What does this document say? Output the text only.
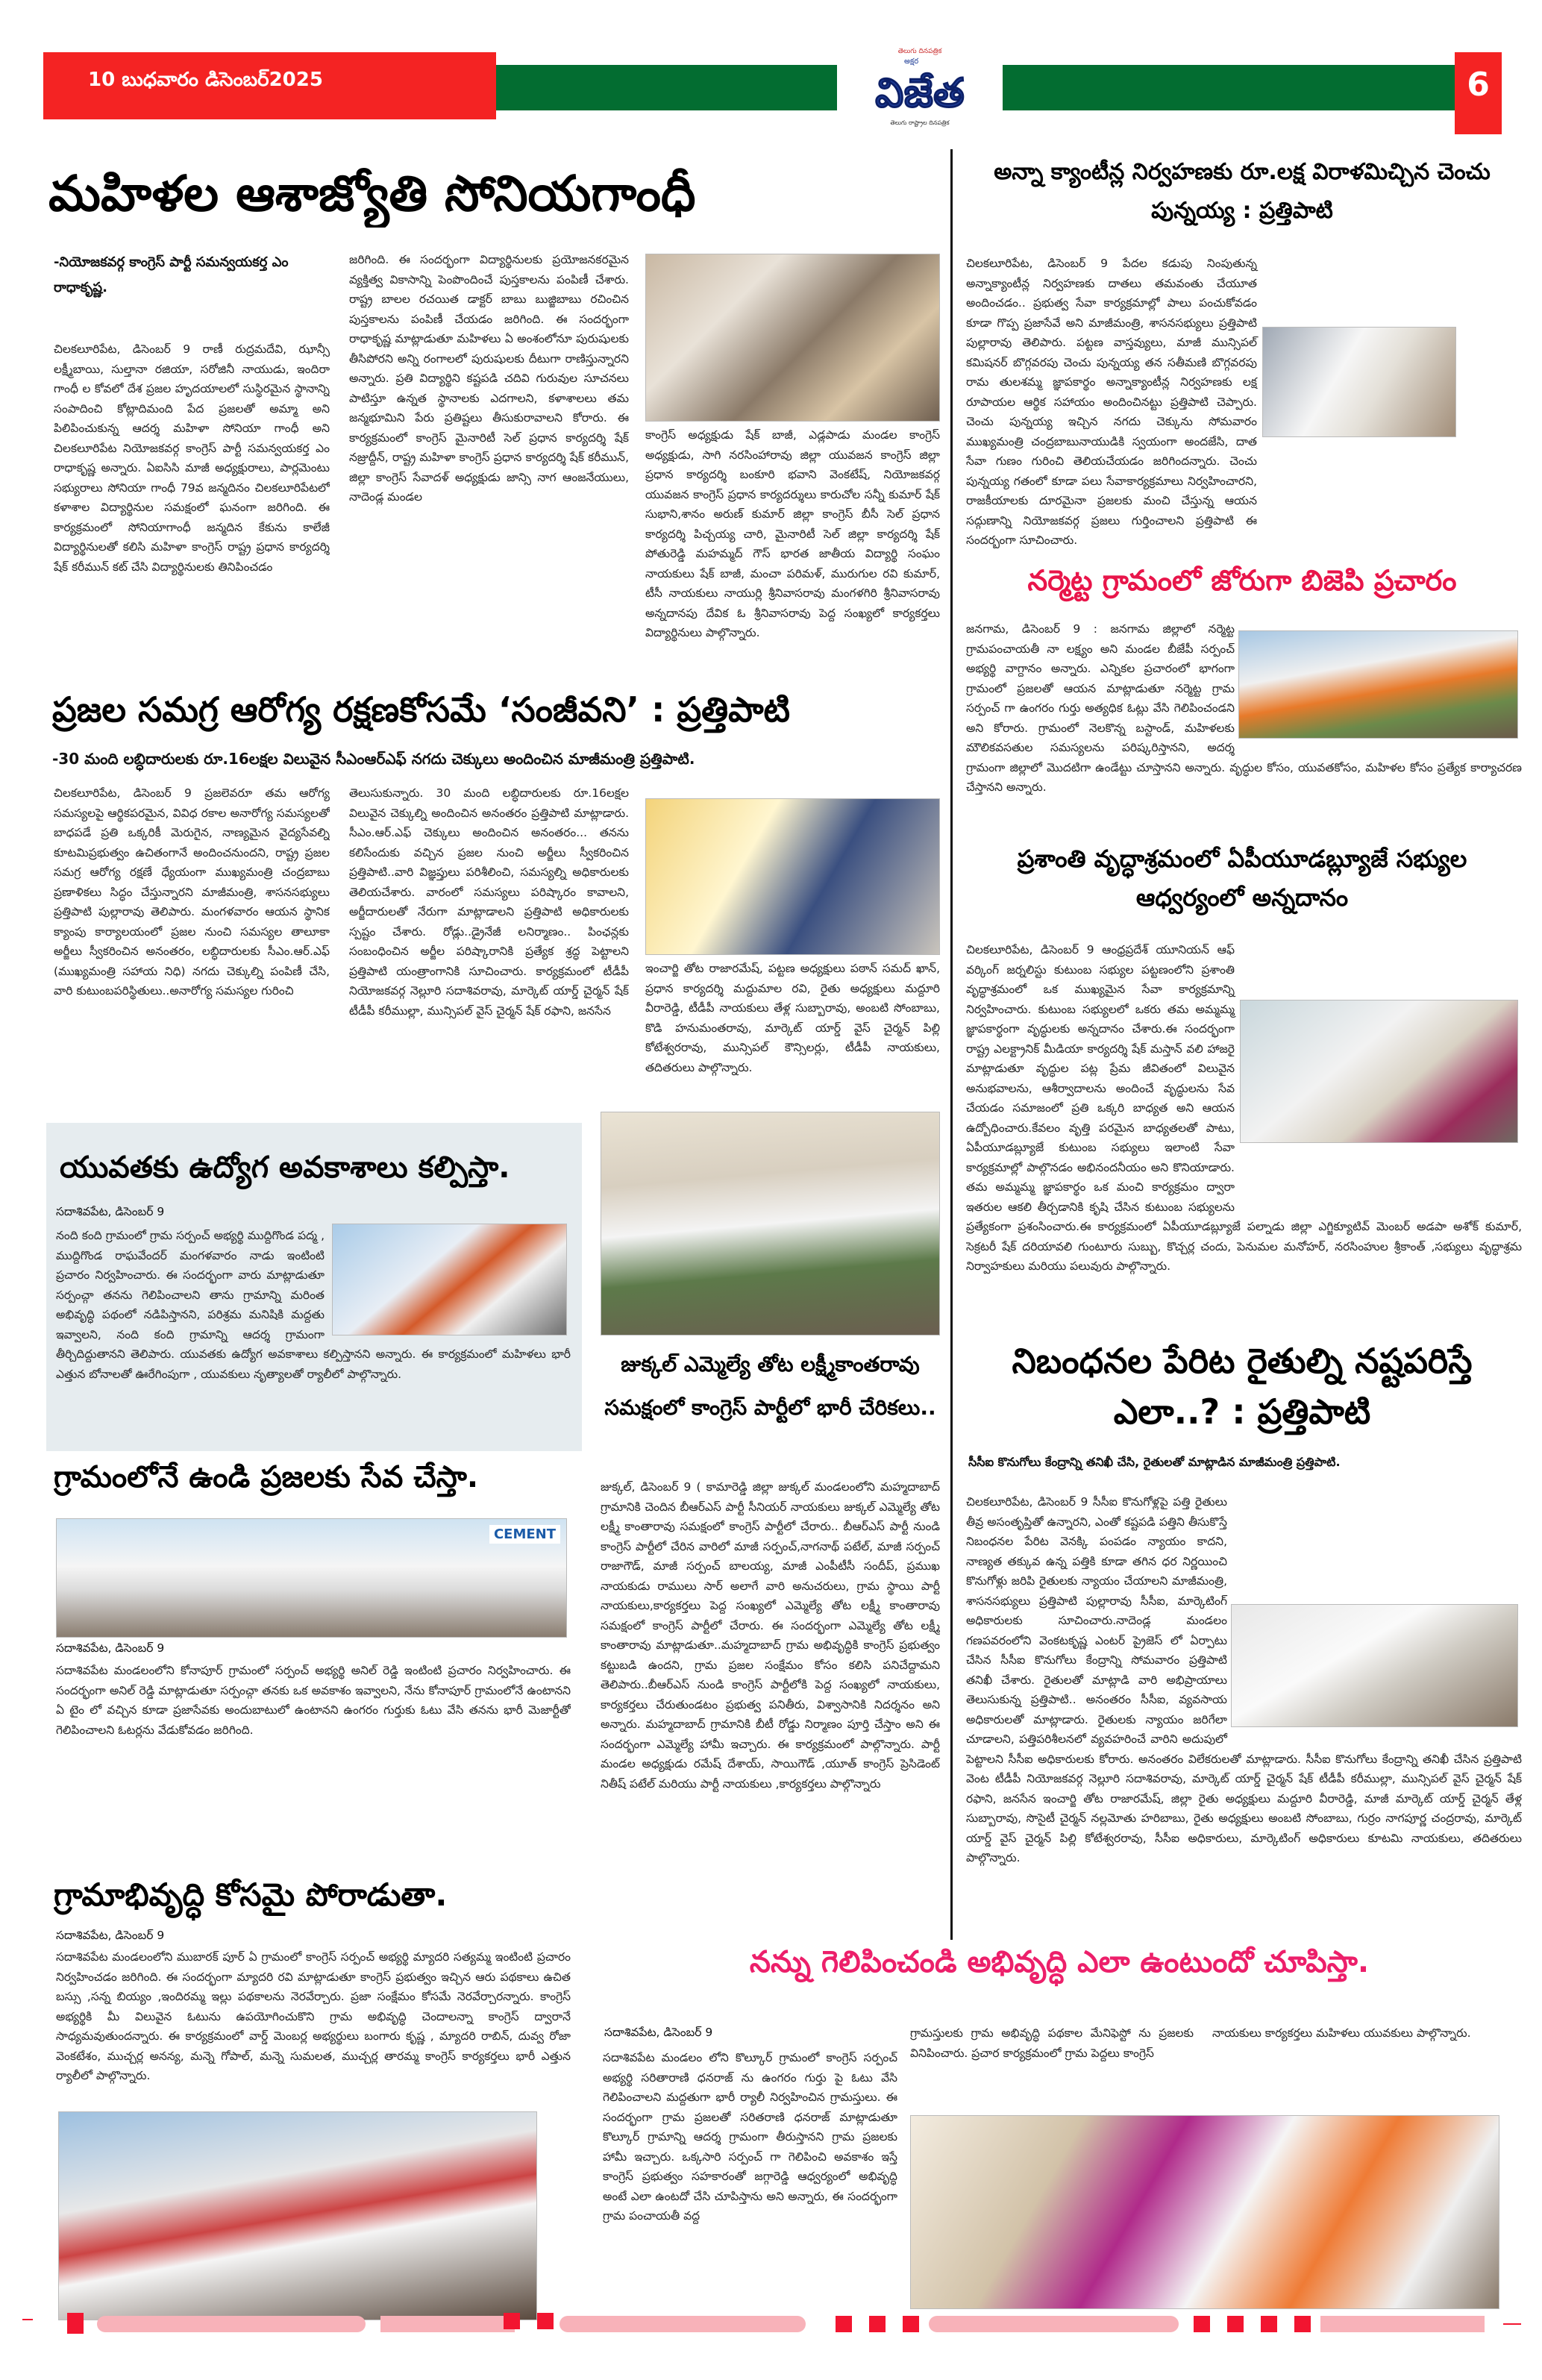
10 బుధవారం డిసెంబర్2025
తెలుగు దినపత్రిక
అక్షర
విజేత
తెలుగు రాష్ట్రాల దినపత్రిక
6
మహిళల ఆశాజ్యోతి సోనియగాంధీ
-నియోజకవర్గ కాంగ్రెస్ పార్టీ సమన్వయకర్త ఎం రాధాకృష్ణ.
చిలకలూరిపేట, డిసెంబర్ 9 రాణీ రుద్రమదేవి, ఝాన్సీ లక్ష్మీబాయి, సుల్తానా రజియా, సరోజినీ నాయుడు, ఇందిరా గాంధీ ల కోవలో దేశ ప్రజల హృదయాలలో సుస్థిరమైన స్థానాన్ని సంపాదించి కోట్లాదిమంది పేద ప్రజలతో అమ్మా అని పిలిపించుకున్న ఆదర్శ మహిళా సోనియా గాంధీ అని చిలకలూరిపేట నియోజకవర్గ కాంగ్రెస్ పార్టీ సమన్వయకర్త ఎం రాధాకృష్ణ అన్నారు. ఏఐసిసి మాజీ అధ్యక్షురాలు, పార్లమెంటు సభ్యురాలు సోనియా గాంధీ 79వ జన్మదినం చిలకలూరిపేటలో కళాశాల విద్యార్థినుల సమక్షంలో ఘనంగా జరిగింది. ఈ కార్యక్రమంలో సోనియాగాంధీ జన్మదిన కేకును కాలేజీ విద్యార్థినులతో కలిసి మహిళా కాంగ్రెస్ రాష్ట్ర ప్రధాన కార్యదర్శి షేక్ కరీమున్ కట్ చేసి విద్యార్థినులకు తినిపించడం
జరిగింది. ఈ సందర్భంగా విద్యార్థినులకు ప్రయోజనకరమైన వ్యక్తిత్వ వికాసాన్ని పెంపొందించే పుస్తకాలను పంపిణీ చేశారు. రాష్ట్ర బాలల రచయిత డాక్టర్ బాబు బుజ్జిబాబు రచించిన పుస్తకాలను పంపిణీ చేయడం జరిగింది. ఈ సందర్భంగా రాధాకృష్ణ మాట్లాడుతూ మహిళలు ఏ అంశంలోనూ పురుషులకు తీసిపోరని అన్ని రంగాలలో పురుషులకు దీటుగా రాణిస్తున్నారని అన్నారు. ప్రతి విద్యార్థిని కష్టపడి చదివి గురువుల సూచనలు పాటిస్తూ ఉన్నత స్థానాలకు ఎదగాలని, కళాశాలలు తమ జన్మభూమిని పేరు ప్రతిష్టలు తీసుకురావాలని కోరారు. ఈ కార్యక్రమంలో కాంగ్రెస్ మైనారిటీ సెల్ ప్రధాన కార్యదర్శి షేక్ నజ్రుద్దీన్, రాష్ట్ర మహిళా కాంగ్రెస్ ప్రధాన కార్యదర్శి షేక్ కరీమున్, జిల్లా కాంగ్రెస్ సేవాదళ్ అధ్యక్షుడు జాన్సి నాగ ఆంజనేయులు, నాదెండ్ల మండల
కాంగ్రెస్ అధ్యక్షుడు షేక్ బాజీ, ఎడ్లపాడు మండల కాంగ్రెస్ అధ్యక్షుడు, సాగి నరసింహారావు జిల్లా యువజన కాంగ్రెస్ జిల్లా ప్రధాన కార్యదర్శి బంకూరి భవాని వెంకటేష్, నియోజకవర్గ యువజన కాంగ్రెస్ ప్రధాన కార్యదర్శులు కారుచోల సన్నీ కుమార్ షేక్ సుభాని,శానం అరుణ్ కుమార్ జిల్లా కాంగ్రెస్ బీసీ సెల్ ప్రధాన కార్యదర్శి పిచ్చయ్య చారి, మైనారిటీ సెల్ జిల్లా కార్యదర్శి షేక్ పోతురెడ్డి మహమ్మద్ గౌస్ భారత జాతీయ విద్యార్థి సంఘం నాయకులు షేక్ బాజీ, మంచా పరిమళ్, మురుగుల రవి కుమార్, టీసీ నాయకులు నాయుర్లి శ్రీనివాసరావు మంగళగిరి శ్రీనివాసరావు అన్నదానపు దేవిక ఓ శ్రీనివాసరావు పెద్ద సంఖ్యలో కార్యకర్తలు విద్యార్థినులు పాల్గొన్నారు.
ప్రజల సమగ్ర ఆరోగ్య రక్షణకోసమే ‘సంజీవని’ : ప్రత్తిపాటి
-30 మంది లబ్ధిదారులకు రూ.16లక్షల విలువైన సీఎంఆర్ఎఫ్ నగదు చెక్కులు అందించిన మాజీమంత్రి ప్రత్తిపాటి.
చిలకలూరిపేట, డిసెంబర్ 9 ప్రజలెవరూ తమ ఆరోగ్య సమస్యలపై ఆర్థికపరమైన, వివిధ రకాల అనారోగ్య సమస్యలతో బాధపడే ప్రతి ఒక్కరికీ మెరుగైన, నాణ్యమైన వైద్యసేవల్ని కూటమిప్రభుత్వం ఉచితంగానే అందించనుందని, రాష్ట్ర ప్రజల సమగ్ర ఆరోగ్య రక్షణే ధ్యేయంగా ముఖ్యమంత్రి చంద్రబాబు ప్రణాళికలు సిద్ధం చేస్తున్నారని మాజీమంత్రి, శాసనసభ్యులు ప్రత్తిపాటి పుల్లారావు తెలిపారు. మంగళవారం ఆయన స్థానిక క్యాంపు కార్యాలయంలో ప్రజల నుంచి సమస్యల తాలూకా అర్జీలు స్వీకరించిన అనంతరం, లబ్ధిదారులకు సీఎం.ఆర్.ఎఫ్ (ముఖ్యమంత్రి సహాయ నిధి) నగదు చెక్కుల్ని పంపిణీ చేసి, వారి కుటుంబపరిస్థితులు..అనారోగ్య సమస్యల గురించి
తెలుసుకున్నారు. 30 మంది లబ్ధిదారులకు రూ.16లక్షల విలువైన చెక్కుల్ని అందించిన అనంతరం ప్రత్తిపాటి మాట్లాడారు. సీఎం.ఆర్.ఎఫ్ చెక్కులు అందించిన అనంతరం... తనను కలిసేందుకు వచ్చిన ప్రజల నుంచి అర్జీలు స్వీకరించిన ప్రత్తిపాటి..వారి విజ్ఞప్తులు పరిశీలించి, సమస్యల్ని అధికారులకు తెలియచేశారు. వారంలో సమస్యలు పరిష్కారం కావాలని, అర్జీదారులతో నేరుగా మాట్లాడాలని ప్రత్తిపాటి అధికారులకు స్పష్టం చేశారు. రోడ్లు..డ్రైనేజీ లనిర్మాణం.. పింఛన్లకు సంబంధించిన అర్జీల పరిష్కారానికి ప్రత్యేక శ్రద్ధ పెట్టాలని ప్రత్తిపాటి యంత్రాంగానికి సూచించారు. కార్యక్రమంలో టీడీపీ నియోజకవర్గ నెల్లూరి సదాశివరావు, మార్కెట్ యార్డ్ చైర్మన్ షేక్ టీడీపీ కరీముల్లా, మున్సిపల్ వైస్ చైర్మన్ షేక్ రఫాని, జనసేన
ఇంచార్జి తోట రాజారమేష్, పట్టణ అధ్యక్షులు పఠాన్ సమద్ ఖాన్, ప్రధాన కార్యదర్శి మద్దుమాల రవి, రైతు అధ్యక్షులు మద్దూరి వీరారెడ్డి, టీడీపీ నాయకులు తేళ్ల సుబ్బారావు, అంబటి సోంబాబు, కొడి హనుమంతరావు, మార్కెట్ యార్డ్ వైస్ చైర్మన్ పిల్లి కోటేశ్వరరావు, మున్సిపల్ కౌన్సిలర్లు, టీడీపీ నాయకులు, తదితరులు పాల్గొన్నారు.
యువతకు ఉద్యోగ అవకాశాలు కల్పిస్తా.
సదాశివపేట, డిసెంబర్ 9
నంది కంది గ్రామంలో గ్రామ సర్పంచ్ అభ్యర్థి ముద్దిగొండ పద్మ , ముద్దిగొండ రాఘవేందర్ మంగళవారం నాడు ఇంటింటి ప్రచారం నిర్వహించారు. ఈ సందర్భంగా వారు మాట్లాడుతూ సర్పంచ్గా తనను గెలిపించాలని తాను గ్రామాన్ని మరింత అభివృద్ధి పథంలో నడిపిస్తానని, పరిశ్రమ మనిషికి మద్దతు ఇవ్వాలని, నంది కంది గ్రామాన్ని ఆదర్శ గ్రామంగా తీర్చిదిద్దుతానని తెలిపారు. యువతకు ఉద్యోగ అవకాశాలు కల్పిస్తానని అన్నారు. ఈ కార్యక్రమంలో మహిళలు భారీ ఎత్తున బోనాలతో ఊరేగింపుగా , యువకులు నృత్యాలతో ర్యాలీలో పాల్గొన్నారు.
గ్రామంలోనే ఉండి ప్రజలకు సేవ చేస్తా.
CEMENT
సదాశివపేట, డిసెంబర్ 9
సదాశివపేట మండలంలోని కోనాపూర్ గ్రామంలో సర్పంచ్ అభ్యర్థి అనిల్ రెడ్డి ఇంటింటి ప్రచారం నిర్వహించారు. ఈ సందర్భంగా అనిల్ రెడ్డి మాట్లాడుతూ సర్పంచ్గా తనకు ఒక అవకాశం ఇవ్వాలని, నేను కోనాపూర్ గ్రామంలోనే ఉంటానని ఏ టైం లో వచ్చిన కూడా ప్రజాసేవకు అందుబాటులో ఉంటానని ఉంగరం గుర్తుకు ఓటు వేసి తనను భారీ మెజార్టీతో గెలిపించాలని ఓటర్లను వేడుకోవడం జరిగింది.
గ్రామాభివృద్ధి కోసమై పోరాడుతా.
సదాశివపేట, డిసెంబర్ 9
సదాశివపేట మండలంలోని ముబారక్ పూర్ ఏ గ్రామంలో కాంగ్రెస్ సర్పంచ్ అభ్యర్థి మ్యాదరి సత్యమ్మ ఇంటింటి ప్రచారం నిర్వహించడం జరిగింది. ఈ సందర్భంగా మ్యాదరి రవి మాట్లాడుతూ కాంగ్రెస్ ప్రభుత్వం ఇచ్చిన ఆరు పథకాలు ఉచిత బస్సు ,సన్న బియ్యం ,ఇందిరమ్మ ఇల్లు పథకాలను నెరవేర్చారు. ప్రజా సంక్షేమం కోసమే నెరవేర్చారన్నారు. కాంగ్రెస్ అభ్యర్థికి మీ విలువైన ఓటును ఉపయోగించుకొని గ్రామ అభివృద్ధి చెందాలన్నా కాంగ్రెస్ ద్వారానే సాధ్యమవుతుందన్నారు. ఈ కార్యక్రమంలో వార్డ్ మెంబర్ల అభ్యర్థులు బంగారు కృష్ణ , మ్యాదరి రాబిన్, దువ్వ రోజా వెంకటేశం, ముచ్చర్ల అనన్య, మన్నె గోపాల్, మన్నె సుమలత, ముచ్చర్ల తారమ్మ కాంగ్రెస్ కార్యకర్తలు భారీ ఎత్తున ర్యాలీలో పాల్గొన్నారు.
జుక్కల్ ఎమ్మెల్యే తోట లక్ష్మీకాంతరావు సమక్షంలో కాంగ్రెస్ పార్టీలో భారీ చేరికలు..
జుక్కల్, డిసెంబర్ 9 ( కామారెడ్డి జిల్లా జుక్కల్ మండలంలోని మహ్మదాబాద్ గ్రామానికి చెందిన బీఆర్ఎస్ పార్టీ సీనియర్ నాయకులు జుక్కల్ ఎమ్మెల్యే తోట లక్ష్మీ కాంతారావు సమక్షంలో కాంగ్రెస్ పార్టీలో చేరారు.. బీఆర్ఎస్ పార్టీ నుండి కాంగ్రెస్ పార్టీలో చేరిన వారిలో మాజీ సర్పంచ్,నాగనాథ్ పటేల్, మాజీ సర్పంచ్ రాజాగౌడ్, మాజీ సర్పంచ్ బాలయ్య, మాజీ ఎంపీటీసీ సందీప్, ప్రముఖ నాయకుడు రాములు సార్ అలాగే వారి అనుచరులు, గ్రామ స్థాయి పార్టీ నాయకులు,కార్యకర్తలు పెద్ద సంఖ్యలో ఎమ్మెల్యే తోట లక్ష్మీ కాంతారావు సమక్షంలో కాంగ్రెస్ పార్టీలో చేరారు. ఈ సందర్భంగా ఎమ్మెల్యే తోట లక్ష్మీ కాంతారావు మాట్లాడుతూ..మహ్మదాబాద్ గ్రామ అభివృద్ధికి కాంగ్రెస్ ప్రభుత్వం కట్టుబడి ఉందని, గ్రామ ప్రజల సంక్షేమం కోసం కలిసి పనిచేద్దామని తెలిపారు..బీఆర్ఎస్ నుండి కాంగ్రెస్ పార్టీలోకి పెద్ద సంఖ్యలో నాయకులు, కార్యకర్తలు చేరుతుండటం ప్రభుత్వ పనితీరు, విశ్వాసానికి నిదర్శనం అని అన్నారు. మహ్మదాబాద్ గ్రామానికి బీటీ రోడ్డు నిర్మాణం పూర్తి చేస్తాం అని ఈ సందర్భంగా ఎమ్మెల్యే హామీ ఇచ్చారు. ఈ కార్యక్రమంలో పాల్గొన్నారు. పార్టీ మండల అధ్యక్షుడు రమేష్ దేశాయ్, సాయిగౌడ్ ,యూత్ కాంగ్రెస్ ప్రెసిడెంట్ నితీష్ పటేల్ మరియు పార్టీ నాయకులు ,కార్యకర్తలు పాల్గొన్నారు
అన్నా క్యాంటీన్ల నిర్వహణకు రూ.లక్ష విరాళమిచ్చిన చెంచు పున్నయ్య : ప్రత్తిపాటి
చిలకలూరిపేట, డిసెంబర్ 9 పేదల కడుపు నింపుతున్న అన్నాక్యాంటీన్ల నిర్వహణకు దాతలు తమవంతు చేయూత అందించడం.. ప్రభుత్వ సేవా కార్యక్రమాల్లో పాలు పంచుకోవడం కూడా గొప్ప ప్రజాసేవే అని మాజీమంత్రి, శాసనసభ్యులు ప్రత్తిపాటి పుల్లారావు తెలిపారు. పట్టణ వాస్తవ్యులు, మాజీ మున్సిపల్ కమిషనర్ బొగ్గవరపు చెంచు పున్నయ్య తన సతీమణి బొగ్గవరపు రామ తులశమ్మ జ్ఞాపకార్థం అన్నాక్యాంటీన్ల నిర్వహణకు లక్ష రూపాయల ఆర్థిక సహాయం అందించినట్టు ప్రత్తిపాటి చెప్పారు. చెంచు పున్నయ్య ఇచ్చిన నగదు చెక్కును సోమవారం ముఖ్యమంత్రి చంద్రబాబునాయుడికి స్వయంగా అందజేసి, దాత సేవా గుణం గురించి తెలియచేయడం జరిగిందన్నారు. చెంచు పున్నయ్య గతంలో కూడా పలు సేవాకార్యక్రమాలు నిర్వహించారని, రాజకీయాలకు దూరమైనా ప్రజలకు మంచి చేస్తున్న ఆయన సద్గుణాన్ని నియోజకవర్గ ప్రజలు గుర్తించాలని ప్రత్తిపాటి ఈ సందర్భంగా సూచించారు.
నర్మెట్ట గ్రామంలో జోరుగా బిజెపి ప్రచారం
జనగామ, డిసెంబర్ 9 : జనగామ జిల్లాలో నర్మెట్ట గ్రామపంచాయతీ నా లక్ష్యం అని మండల బీజేపీ సర్పంచ్ అభ్యర్థి వాగ్దానం అన్నారు. ఎన్నికల ప్రచారంలో భాగంగా గ్రామంలో ప్రజలతో ఆయన మాట్లాడుతూ నర్మెట్ట గ్రామ సర్పంచ్ గా ఉంగరం గుర్తు అత్యధిక ఓట్లు వేసి గెలిపించండని అని కోరారు. గ్రామంలో నెలకొన్న బస్టాండ్, మహిళలకు మౌలికవసతుల సమస్యలను పరిష్కరిస్తానని, అదర్శ గ్రామంగా జిల్లాలో మొదటిగా ఉండేట్టు చూస్తానని అన్నారు. వృద్ధుల కోసం, యువతకోసం, మహిళల కోసం ప్రత్యేక కార్యాచరణ చేస్తానని అన్నారు.
ప్రశాంతి వృద్ధాశ్రమంలో ఏపీయూడబ్ల్యూజే సభ్యుల ఆధ్వర్యంలో అన్నదానం
చిలకలూరిపేట, డిసెంబర్ 9 ఆంధ్రప్రదేశ్ యూనియన్ ఆఫ్ వర్కింగ్ జర్నలిస్టు కుటుంబ సభ్యుల పట్టణంలోని ప్రశాంతి వృద్ధాశ్రమంలో ఒక ముఖ్యమైన సేవా కార్యక్రమాన్ని నిర్వహించారు. కుటుంబ సభ్యులలో ఒకరు తమ అమ్మమ్మ జ్ఞాపకార్థంగా వృద్ధులకు అన్నదానం చేశారు.ఈ సందర్భంగా రాష్ట్ర ఎలక్ట్రానిక్ మీడియా కార్యదర్శి షేక్ మస్తాన్ వలి హాజరై మాట్లాడుతూ వృద్ధుల పట్ల ప్రేమ జీవితంలో విలువైన అనుభవాలను, ఆశీర్వాదాలను అందించే వృద్ధులను సేవ చేయడం సమాజంలో ప్రతి ఒక్కరి బాధ్యత అని ఆయన ఉద్బోధించారు.కేవలం వృత్తి పరమైన బాధ్యతలతో పాటు, ఏపీయూడబ్ల్యూజే కుటుంబ సభ్యులు ఇలాంటి సేవా కార్యక్రమాల్లో పాల్గొనడం అభినందనీయం అని కొనియాడారు. తమ అమ్మమ్మ జ్ఞాపకార్థం ఒక మంచి కార్యక్రమం ద్వారా ఇతరుల ఆకలి తీర్చడానికి కృషి చేసిన కుటుంబ సభ్యులను ప్రత్యేకంగా ప్రశంసించారు.ఈ కార్యక్రమంలో ఏపీయూడబ్ల్యూజే పల్నాడు జిల్లా ఎగ్జిక్యూటివ్ మెంబర్ అడపా అశోక్ కుమార్, సెక్రటరీ షేక్ దరియావలి గుంటూరు సుబ్బు, కొచ్చర్ల చందు, పెనుమల మనోహర్, నరసింహుల శ్రీకాంత్ ,సభ్యులు వృద్ధాశ్రమ నిర్వాహకులు మరియు పలువురు పాల్గొన్నారు.
నిబంధనల పేరిట రైతుల్ని నష్టపరిస్తే ఎలా..? : ప్రత్తిపాటి
సీసీఐ కొనుగోలు కేంద్రాన్ని తనిఖీ చేసి, రైతులతో మాట్లాడిన మాజీమంత్రి ప్రత్తిపాటి.
చిలకలూరిపేట, డిసెంబర్ 9 సీసీఐ కొనుగోళ్లపై పత్తి రైతులు తీవ్ర అసంతృప్తితో ఉన్నారని, ఎంతో కష్టపడి పత్తిని తీసుకొస్తే నిబంధనల పేరిట వెనక్కి పంపడం న్యాయం కాదని, నాణ్యత తక్కువ ఉన్న పత్తికి కూడా తగిన ధర నిర్ణయించి కొనుగోళ్లు జరిపి రైతులకు న్యాయం చేయాలని మాజీమంత్రి, శాసనసభ్యులు ప్రత్తిపాటి పుల్లారావు సీసీఐ, మార్కెటింగ్ అధికారులకు సూచించారు.నాదెండ్ల మండలం గణపవరంలోని వెంకటకృష్ణ ఎంటర్ ప్రైజెస్ లో ఏర్పాటు చేసిన సీసీఐ కొనుగోలు కేంద్రాన్ని సోమవారం ప్రత్తిపాటి తనిఖీ చేశారు. రైతులతో మాట్లాడి వారి అభిప్రాయాలు తెలుసుకున్న ప్రత్తిపాటి.. అనంతరం సీసీఐ, వ్యవసాయ అధికారులతో మాట్లాడారు. రైతులకు న్యాయం జరిగేలా చూడాలని, పత్తిపరిశీలనలో వ్యవహరించే వారిని అదుపులో పెట్టాలని సీసీఐ అధికారులకు కోరారు. అనంతరం విలేకరులతో మాట్లాడారు. సీసీఐ కొనుగోలు కేంద్రాన్ని తనిఖీ చేసిన ప్రత్తిపాటి వెంట టీడీపీ నియోజకవర్గ నెల్లూరి సదాశివరావు, మార్కెట్ యార్డ్ చైర్మన్ షేక్ టీడీపీ కరీముల్లా, మున్సిపల్ వైస్ చైర్మన్ షేక్ రఫాని, జనసేన ఇంచార్జి తోట రాజారమేష్, జిల్లా రైతు అధ్యక్షులు మద్దూరి వీరారెడ్డి, మాజీ మార్కెట్ యార్డ్ చైర్మన్ తేళ్ల సుబ్బారావు, సొసైటీ చైర్మన్ నల్లమోతు హరిబాబు, రైతు అధ్యక్షులు అంబటి సోంబాబు, గుర్రం నాగపూర్ణ చంద్రరావు, మార్కెట్ యార్డ్ వైస్ చైర్మన్ పిల్లి కోటేశ్వరరావు, సీసీఐ అధికారులు, మార్కెటింగ్ అధికారులు కూటమి నాయకులు, తదితరులు పాల్గొన్నారు.
నన్ను గెలిపించండి అభివృద్ధి ఎలా ఉంటుందో చూపిస్తా.
సదాశివపేట, డిసెంబర్ 9
సదాశివపేట మండలం లోని కొల్కూర్ గ్రామంలో కాంగ్రెస్ సర్పంచ్ అభ్యర్థి సరితారాణి ధనరాజ్ ను ఉంగరం గుర్తు పై ఓటు వేసి గెలిపించాలని మద్దతుగా భారీ ర్యాలీ నిర్వహించిన గ్రామస్తులు. ఈ సందర్భంగా గ్రామ ప్రజలతో సరితరాణి ధనరాజ్ మాట్లాడుతూ కొల్కూర్ గ్రామాన్ని ఆదర్శ గ్రామంగా తీరుస్తానని గ్రామ ప్రజలకు హామీ ఇచ్చారు. ఒక్కసారి సర్పంచ్ గా గెలిపించి అవకాశం ఇస్తే కాంగ్రెస్ ప్రభుత్వం సహకారంతో జగ్గారెడ్డి ఆధ్వర్యంలో అభివృద్ధి అంటే ఎలా ఉంటదో చేసి చూపిస్తాను అని అన్నారు, ఈ సందర్భంగా గ్రామ పంచాయతీ వద్ద
గ్రామస్తులకు గ్రామ అభివృద్ధి పథకాల మేనిఫెస్టో ను ప్రజలకు వినిపించారు. ప్రచార కార్యక్రమంలో గ్రామ పెద్దలు కాంగ్రెస్
నాయకులు కార్యకర్తలు మహిళలు యువకులు పాల్గొన్నారు.
